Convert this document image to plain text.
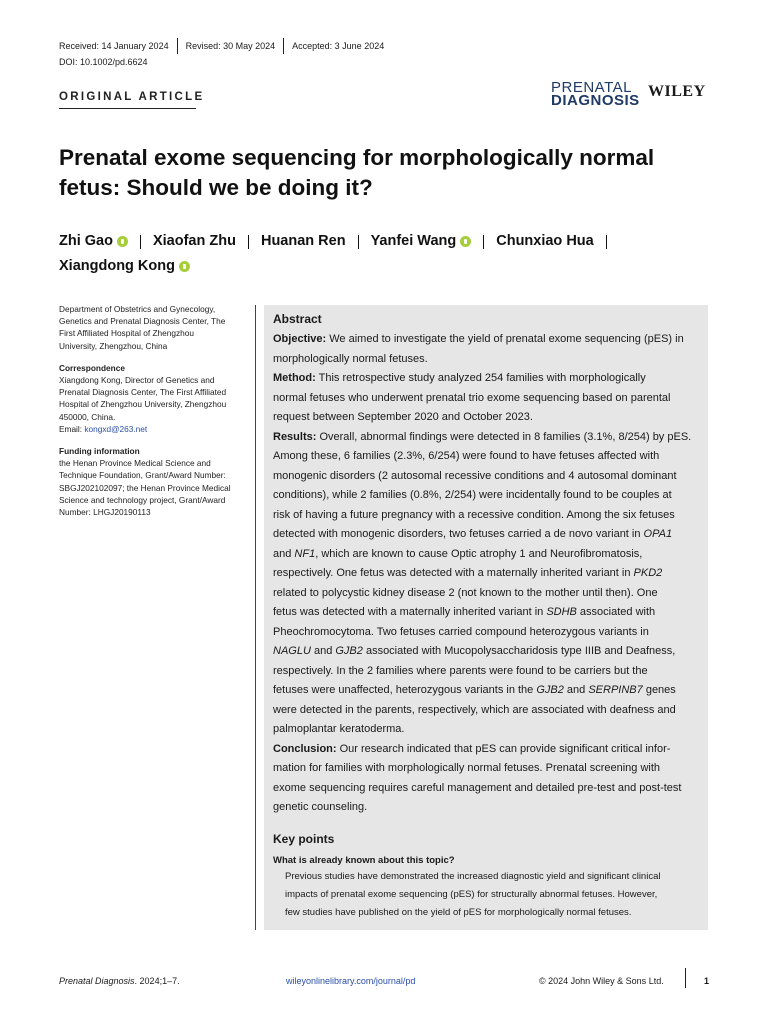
Received: 14 January 2024 Revised: 30 May 2024 Accepted: 3 June 2024
DOI: 10.1002/pd.6624
ORIGINAL ARTICLE
PRENATAL
DIAGNOSIS
WILEY
Prenatal exome sequencing for morphologically normal
fetus: Should we be doing it?
Zhi Gao	Xiaofan Zhu Huanan Ren Yanfei Wang	Chunxiao Hua
Xiangdong Kong
Department of Obstetrics and Gynecology,
Genetics and Prenatal Diagnosis Center, The
First Affiliated Hospital of Zhengzhou
University, Zhengzhou, China
Correspondence
Xiangdong Kong, Director of Genetics and
Prenatal Diagnosis Center, The First Affiliated
Hospital of Zhengzhou University, Zhengzhou
450000, China.
Email: kongxd@263.net
Funding information
the Henan Province Medical Science and
Technique Foundation, Grant/Award Number:
SBGJ202102097; the Henan Province Medical
Science and technology project, Grant/Award
Number: LHGJ20190113
Abstract
Objective: We aimed to investigate the yield of prenatal exome sequencing (pES) in
morphologically normal fetuses.
Method: This retrospective study analyzed 254 families with morphologically
normal fetuses who underwent prenatal trio exome sequencing based on parental
request between September 2020 and October 2023.
Results: Overall, abnormal findings were detected in 8 families (3.1%, 8/254) by pES.
Among these, 6 families (2.3%, 6/254) were found to have fetuses affected with
monogenic disorders (2 autosomal recessive conditions and 4 autosomal dominant
conditions), while 2 families (0.8%, 2/254) were incidentally found to be couples at
risk of having a future pregnancy with a recessive condition. Among the six fetuses
detected with monogenic disorders, two fetuses carried a de novo variant in OPA1
and NF1, which are known to cause Optic atrophy 1 and Neurofibromatosis,
respectively. One fetus was detected with a maternally inherited variant in PKD2
related to polycystic kidney disease 2 (not known to the mother until then). One
fetus was detected with a maternally inherited variant in SDHB associated with
Pheochromocytoma. Two fetuses carried compound heterozygous variants in
NAGLU and GJB2 associated with Mucopolysaccharidosis type IIIB and Deafness,
respectively. In the 2 families where parents were found to be carriers but the
fetuses were unaffected, heterozygous variants in the GJB2 and SERPINB7 genes
were detected in the parents, respectively, which are associated with deafness and
palmoplantar keratoderma.
Conclusion: Our research indicated that pES can provide significant critical infor-
mation for families with morphologically normal fetuses. Prenatal screening with
exome sequencing requires careful management and detailed pre-test and post-test
genetic counseling.
Key points
What is already known about this topic?
Previous studies have demonstrated the increased diagnostic yield and significant clinical
impacts of prenatal exome sequencing (pES) for structurally abnormal fetuses. However,
few studies have published on the yield of pES for morphologically normal fetuses.
Prenatal Diagnosis. 2024;1–7.	wileyonlinelibrary.com/journal/pd	© 2024 John Wiley & Sons Ltd.	1
